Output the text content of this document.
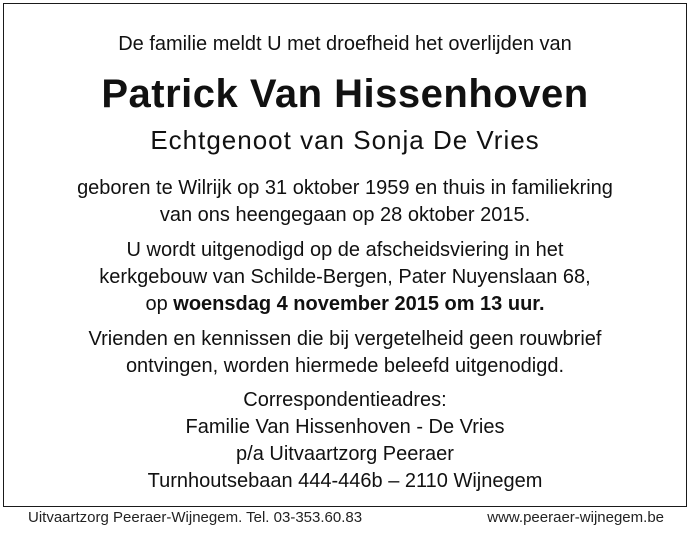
De familie meldt U met droefheid het overlijden van
Patrick Van Hissenhoven
Echtgenoot van Sonja De Vries
geboren te Wilrijk op 31 oktober 1959 en thuis in familiekring
van ons heengegaan op 28 oktober 2015.
U wordt uitgenodigd op de afscheidsviering in het
kerkgebouw van Schilde-Bergen, Pater Nuyenslaan 68,
op woensdag 4 november 2015 om 13 uur.
Vrienden en kennissen die bij vergetelheid geen rouwbrief
ontvingen, worden hiermede beleefd uitgenodigd.
Correspondentieadres:
Familie Van Hissenhoven - De Vries
p/a Uitvaartzorg Peeraer
Turnhoutsebaan 444-446b – 2110 Wijnegem
Uitvaartzorg Peeraer-Wijnegem. Tel. 03-353.60.83	www.peeraer-wijnegem.be
